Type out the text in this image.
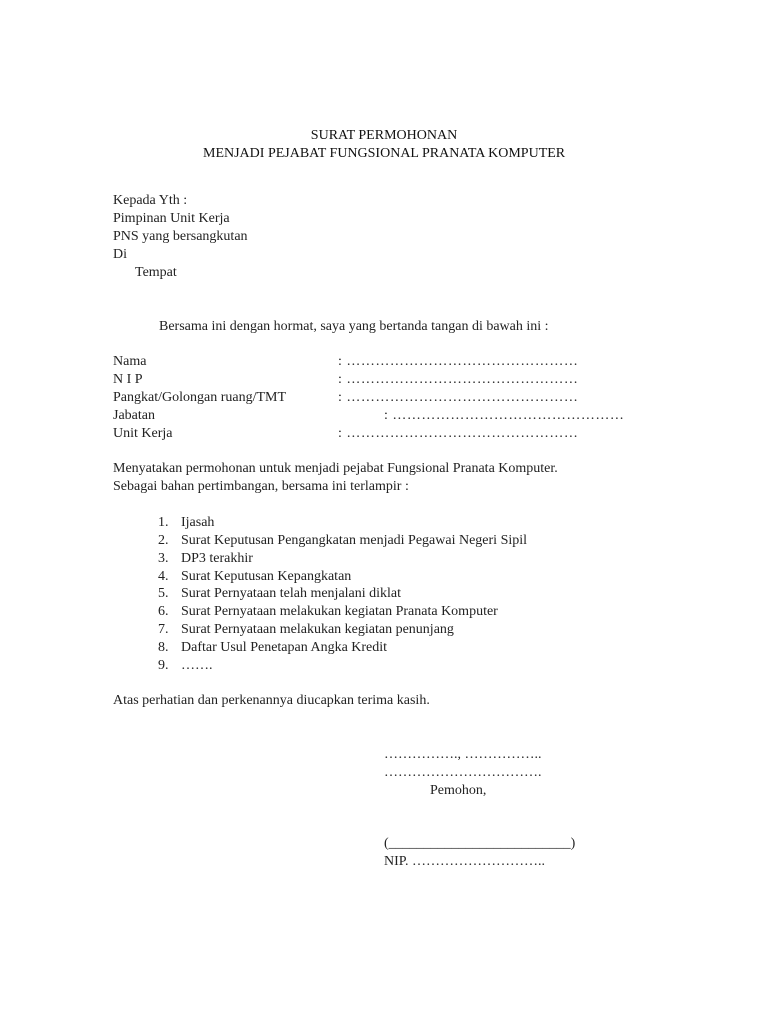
SURAT PERMOHONAN
MENJADI PEJABAT FUNGSIONAL PRANATA KOMPUTER
Kepada Yth :
Pimpinan Unit Kerja
PNS yang bersangkutan
Di
Tempat
Bersama ini dengan hormat, saya yang bertanda tangan di bawah ini :
Nama	: …………………………………………
N I P	: …………………………………………
Pangkat/Golongan ruang/TMT	: …………………………………………
Jabatan	: …………………………………………
Unit Kerja	: …………………………………………
Menyatakan permohonan untuk menjadi pejabat Fungsional Pranata Komputer.
Sebagai bahan pertimbangan, bersama ini terlampir :
1. Ijasah
2. Surat Keputusan Pengangkatan menjadi Pegawai Negeri Sipil
3. DP3 terakhir
4. Surat Keputusan Kepangkatan
5. Surat Pernyataan telah menjalani diklat
6. Surat Pernyataan melakukan kegiatan Pranata Komputer
7. Surat Pernyataan melakukan kegiatan penunjang
8. Daftar Usul Penetapan Angka Kredit
9. …….
Atas perhatian dan perkenannya diucapkan terima kasih.
……………., ……………..
…………………………….
Pemohon,
(__________________________)
NIP. ………………………..
